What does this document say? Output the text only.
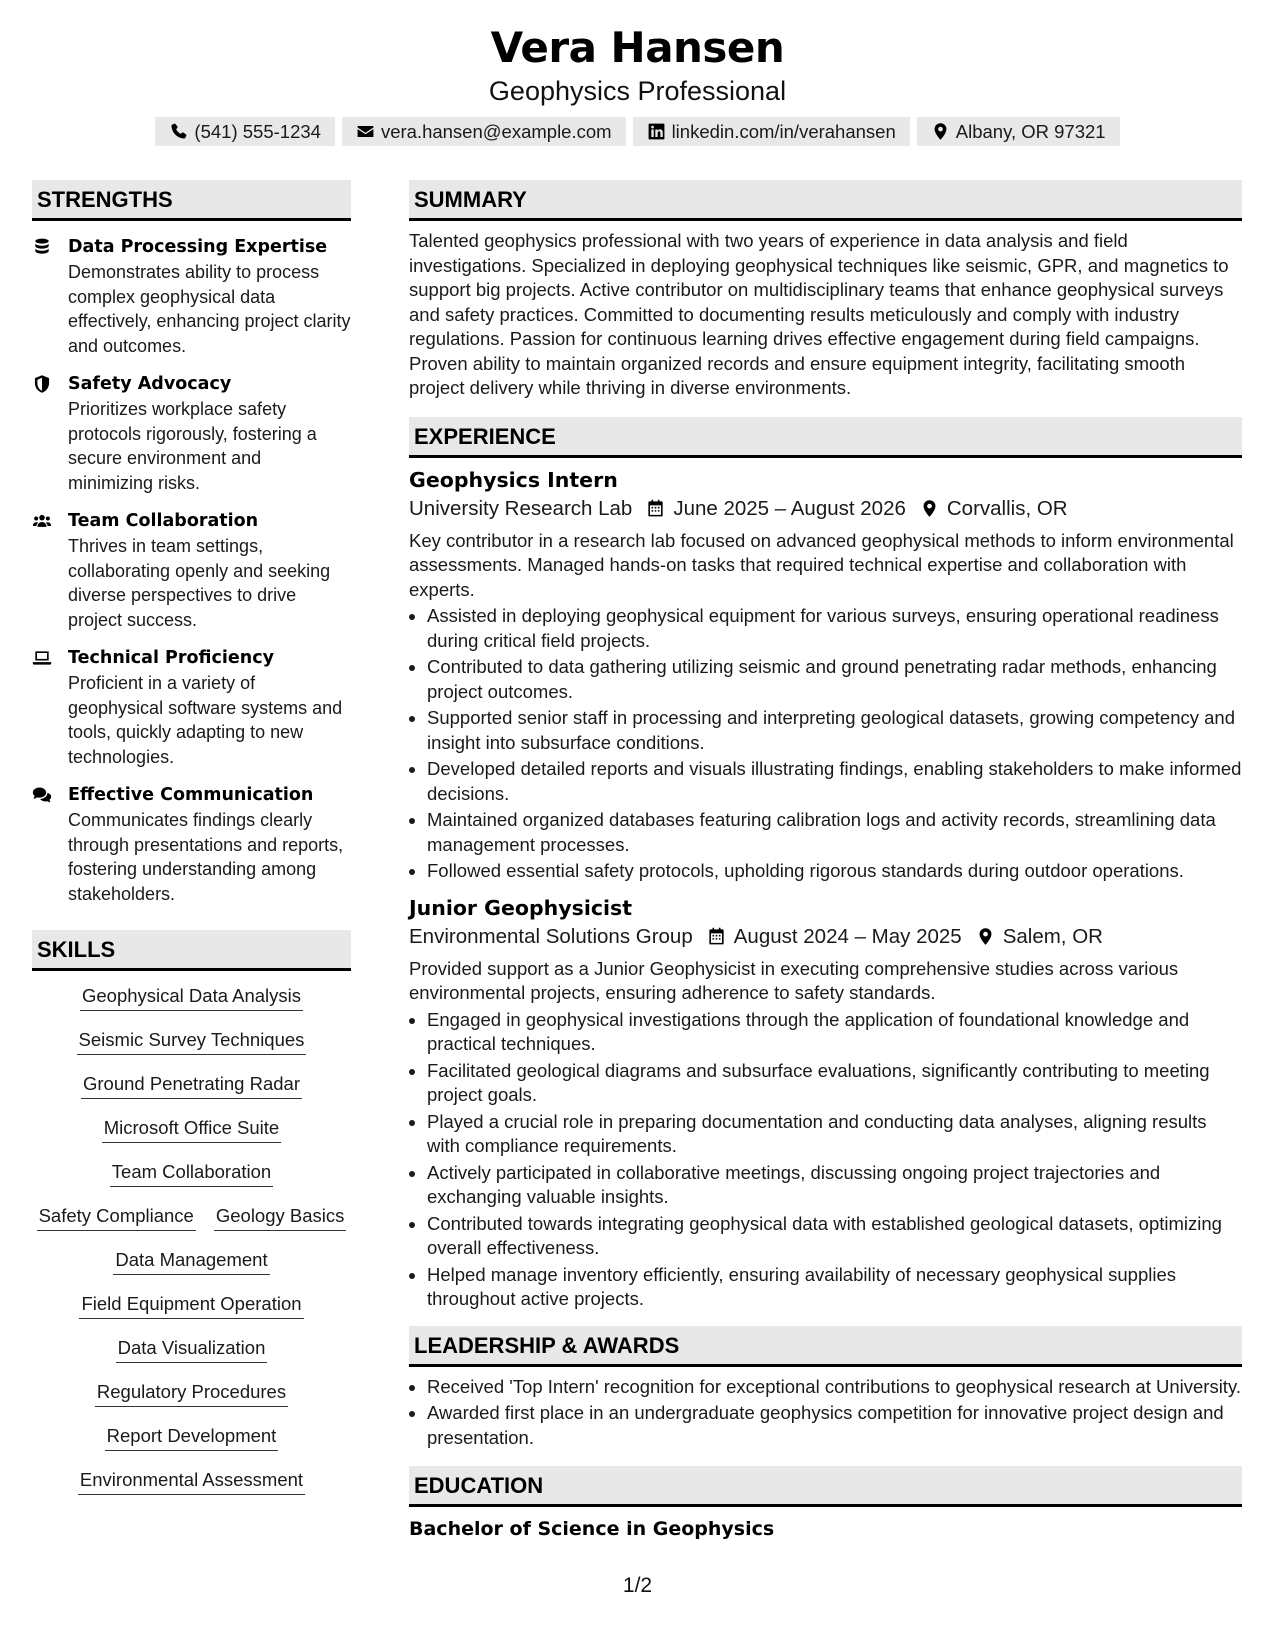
Vera Hansen
Geophysics Professional
(541) 555-1234	vera.hansen@example.com	linkedin.com/in/verahansen	Albany, OR 97321
STRENGTHS
Data Processing Expertise
Demonstrates ability to process complex geophysical data effectively, enhancing project clarity and outcomes.
Safety Advocacy
Prioritizes workplace safety protocols rigorously, fostering a secure environment and minimizing risks.
Team Collaboration
Thrives in team settings, collaborating openly and seeking diverse perspectives to drive project success.
Technical Proficiency
Proficient in a variety of geophysical software systems and tools, quickly adapting to new technologies.
Effective Communication
Communicates findings clearly through presentations and reports, fostering understanding among stakeholders.
SKILLS
Geophysical Data Analysis
Seismic Survey Techniques
Ground Penetrating Radar
Microsoft Office Suite
Team Collaboration
Safety Compliance Geology Basics
Data Management
Field Equipment Operation
Data Visualization
Regulatory Procedures
Report Development
Environmental Assessment
SUMMARY
Talented geophysics professional with two years of experience in data analysis and field investigations. Specialized in deploying geophysical techniques like seismic, GPR, and magnetics to support big projects. Active contributor on multidisciplinary teams that enhance geophysical surveys and safety practices. Committed to documenting results meticulously and comply with industry regulations. Passion for continuous learning drives effective engagement during field campaigns. Proven ability to maintain organized records and ensure equipment integrity, facilitating smooth project delivery while thriving in diverse environments.
EXPERIENCE
Geophysics Intern
University Research Lab June 2025 – August 2026 Corvallis, OR
Key contributor in a research lab focused on advanced geophysical methods to inform environmental assessments. Managed hands-on tasks that required technical expertise and collaboration with experts.
• Assisted in deploying geophysical equipment for various surveys, ensuring operational readiness during critical field projects.
• Contributed to data gathering utilizing seismic and ground penetrating radar methods, enhancing project outcomes.
• Supported senior staff in processing and interpreting geological datasets, growing competency and insight into subsurface conditions.
• Developed detailed reports and visuals illustrating findings, enabling stakeholders to make informed decisions.
• Maintained organized databases featuring calibration logs and activity records, streamlining data management processes.
• Followed essential safety protocols, upholding rigorous standards during outdoor operations.
Junior Geophysicist
Environmental Solutions Group August 2024 – May 2025 Salem, OR
Provided support as a Junior Geophysicist in executing comprehensive studies across various environmental projects, ensuring adherence to safety standards.
• Engaged in geophysical investigations through the application of foundational knowledge and practical techniques.
• Facilitated geological diagrams and subsurface evaluations, significantly contributing to meeting project goals.
• Played a crucial role in preparing documentation and conducting data analyses, aligning results with compliance requirements.
• Actively participated in collaborative meetings, discussing ongoing project trajectories and exchanging valuable insights.
• Contributed towards integrating geophysical data with established geological datasets, optimizing overall effectiveness.
• Helped manage inventory efficiently, ensuring availability of necessary geophysical supplies throughout active projects.
LEADERSHIP & AWARDS
• Received 'Top Intern' recognition for exceptional contributions to geophysical research at University.
• Awarded first place in an undergraduate geophysics competition for innovative project design and presentation.
EDUCATION
Bachelor of Science in Geophysics
1/2
